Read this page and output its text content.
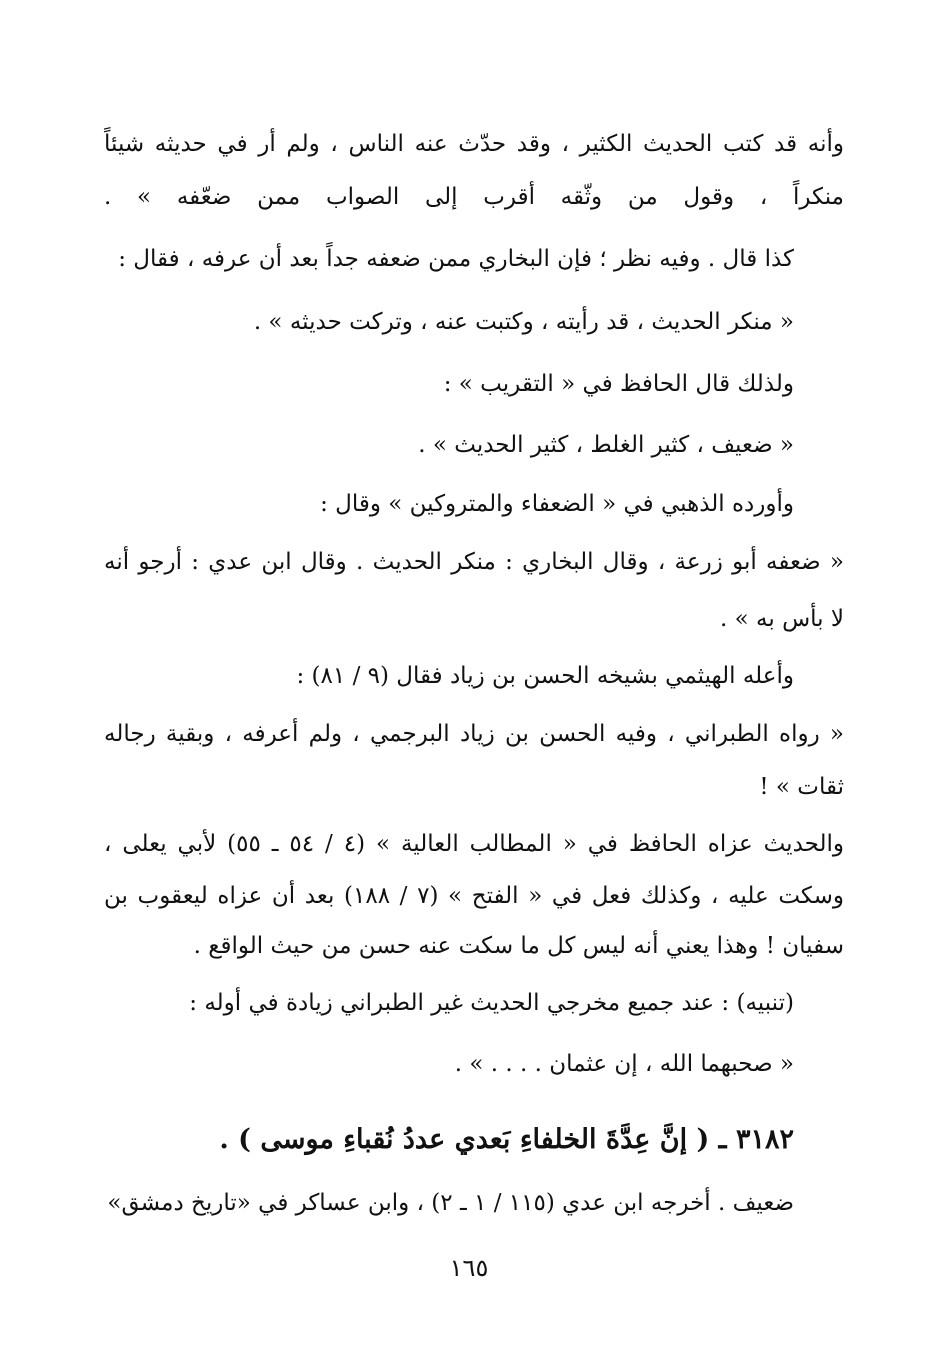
وأنه قد كتب الحديث الكثير ، وقد حدّث عنه الناس ، ولم أر في حديثه شيئاً
منكراً ، وقول من وثّقه أقرب إلى الصواب ممن ضعّفه » .
كذا قال . وفيه نظر ؛ فإن البخاري ممن ضعفه جداً بعد أن عرفه ، فقال :
« منكر الحديث ، قد رأيته ، وكتبت عنه ، وتركت حديثه » .
ولذلك قال الحافظ في « التقريب » :
« ضعيف ، كثير الغلط ، كثير الحديث » .
وأورده الذهبي في « الضعفاء والمتروكين » وقال :
« ضعفه أبو زرعة ، وقال البخاري : منكر الحديث . وقال ابن عدي : أرجو أنه
لا بأس به » .
وأعله الهيثمي بشيخه الحسن بن زياد فقال (٩ / ٨١) :
« رواه الطبراني ، وفيه الحسن بن زياد البرجمي ، ولم أعرفه ، وبقية رجاله
ثقات » !
والحديث عزاه الحافظ في « المطالب العالية » (٤ / ٥٤ ـ ٥٥) لأبي يعلى ،
وسكت عليه ، وكذلك فعل في « الفتح » (٧ / ١٨٨) بعد أن عزاه ليعقوب بن
سفيان ! وهذا يعني أنه ليس كل ما سكت عنه حسن من حيث الواقع .
(تنبيه) : عند جميع مخرجي الحديث غير الطبراني زيادة في أوله :
« صحبهما الله ، إن عثمان . . . . » .
٣١٨٢ ـ ( إنَّ عِدَّةَ الخلفاءِ بَعدي عددُ نُقباءِ موسى ) .
ضعيف . أخرجه ابن عدي (١١٥ / ١ ـ ٢) ، وابن عساكر في «تاريخ دمشق»
١٦٥
